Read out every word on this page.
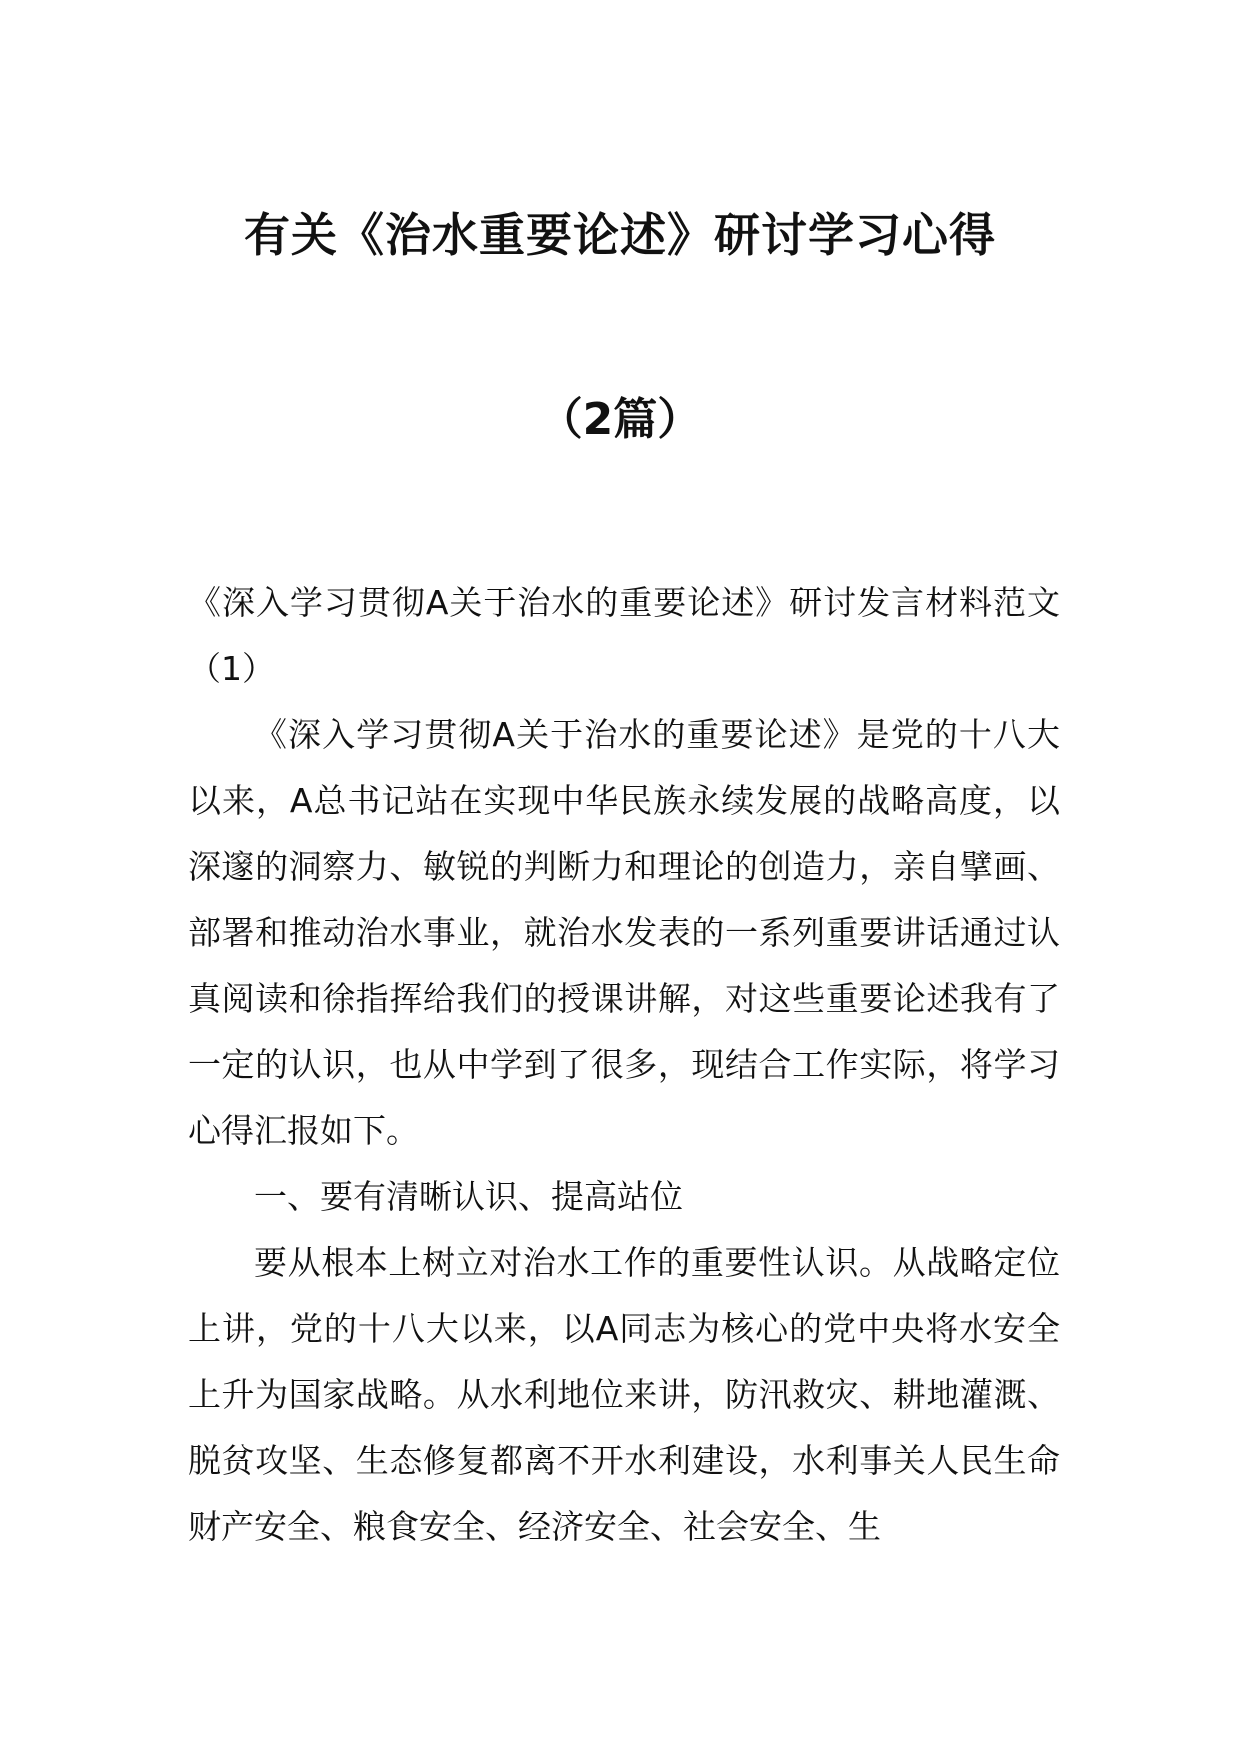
有关《治水重要论述》研讨学习心得
（2篇）

《深入学习贯彻A关于治水的重要论述》研讨发言材料范文（1）

《深入学习贯彻A关于治水的重要论述》是党的十八大以来，A总书记站在实现中华民族永续发展的战略高度，以深邃的洞察力、敏锐的判断力和理论的创造力，亲自擘画、部署和推动治水事业，就治水发表的一系列重要讲话通过认真阅读和徐指挥给我们的授课讲解，对这些重要论述我有了一定的认识，也从中学到了很多，现结合工作实际，将学习心得汇报如下。

一、要有清晰认识、提高站位

要从根本上树立对治水工作的重要性认识。从战略定位上讲，党的十八大以来，以A同志为核心的党中央将水安全上升为国家战略。从水利地位来讲，防汛救灾、耕地灌溉、脱贫攻坚、生态修复都离不开水利建设，水利事关人民生命财产安全、粮食安全、经济安全、社会安全、生
